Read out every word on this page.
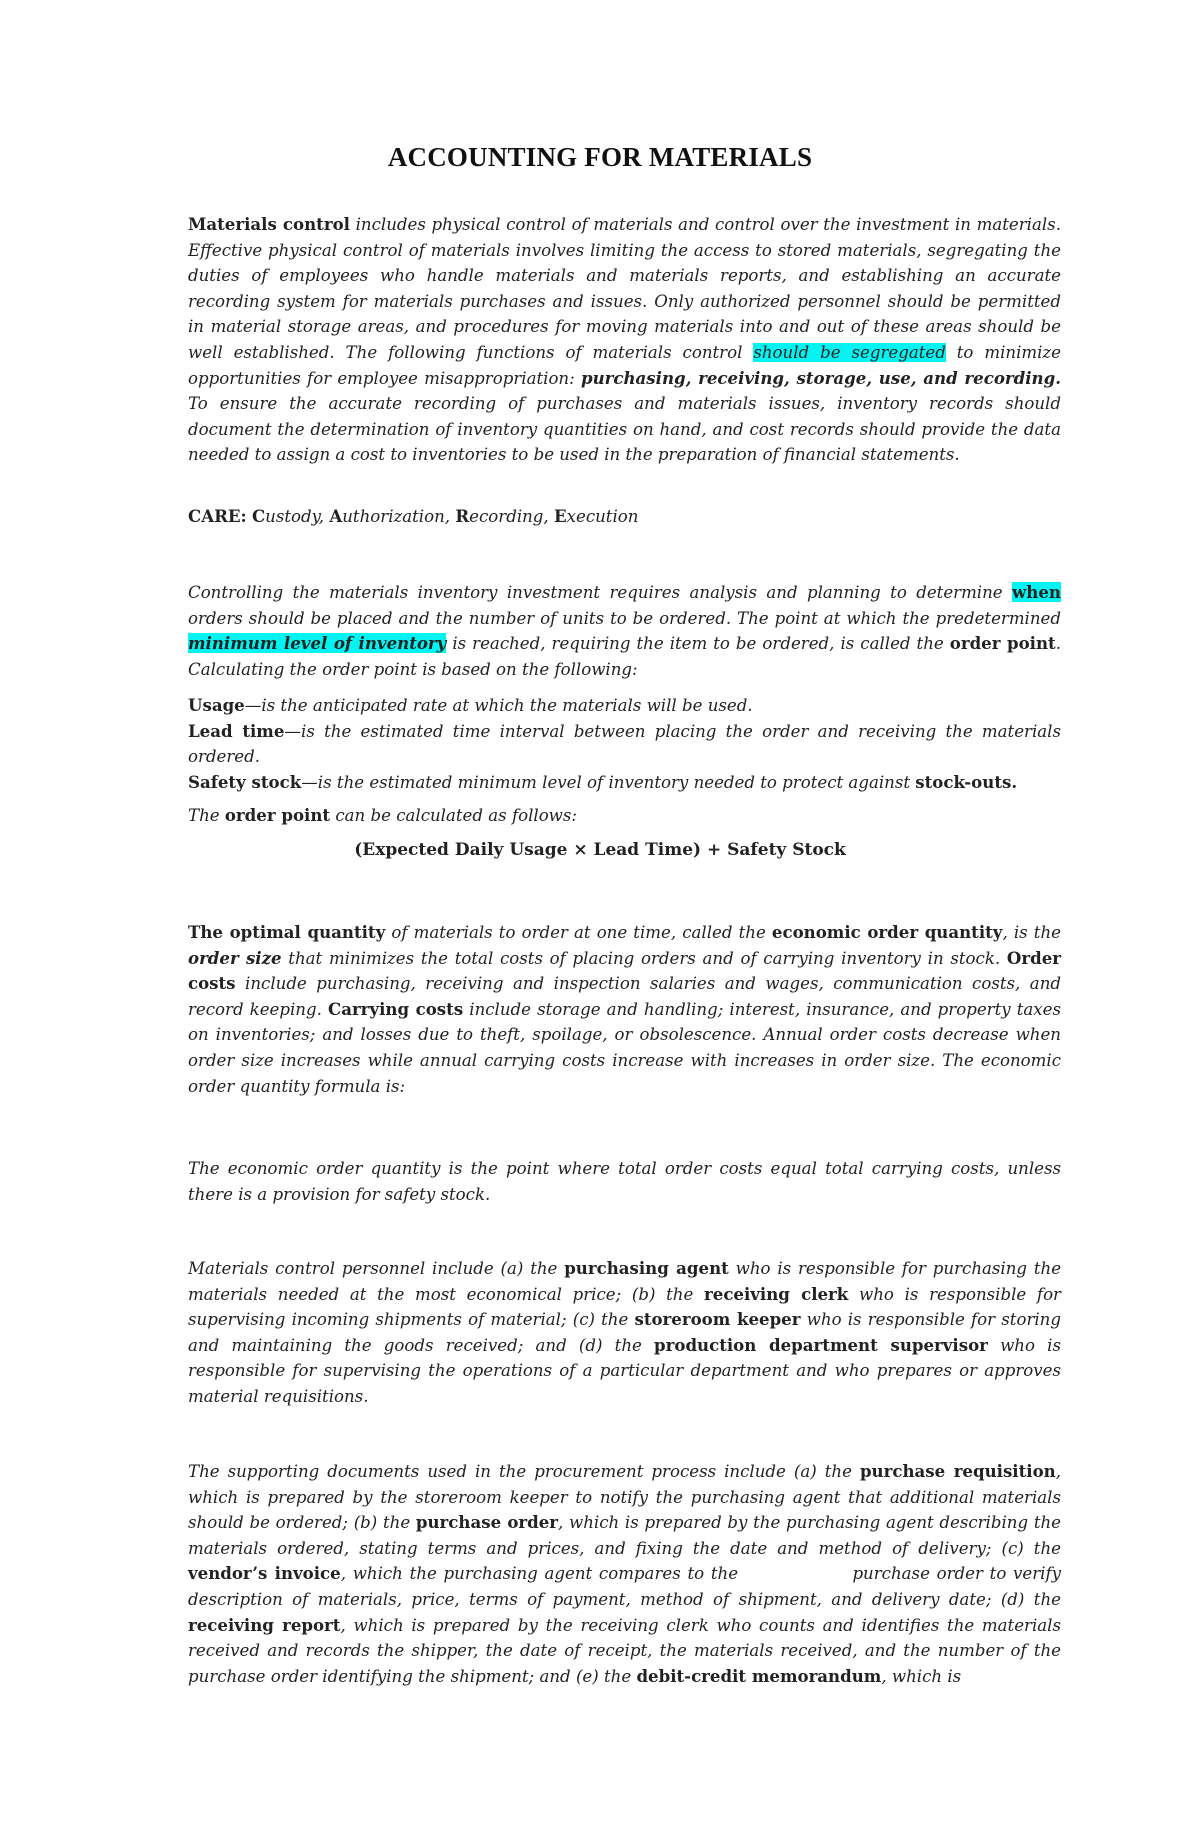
ACCOUNTING FOR MATERIALS

Materials control includes physical control of materials and control over the investment in materials. Effective physical control of materials involves limiting the access to stored materials, segregating the duties of employees who handle materials and materials reports, and establishing an accurate recording system for materials purchases and issues. Only authorized personnel should be permitted in material storage areas, and procedures for moving materials into and out of these areas should be well established. The following functions of materials control should be segregated to minimize opportunities for employee misappropriation: purchasing, receiving, storage, use, and recording. To ensure the accurate recording of purchases and materials issues, inventory records should document the determination of inventory quantities on hand, and cost records should provide the data needed to assign a cost to inventories to be used in the preparation of financial statements.

CARE: Custody, Authorization, Recording, Execution

Controlling the materials inventory investment requires analysis and planning to determine when orders should be placed and the number of units to be ordered. The point at which the predetermined minimum level of inventory is reached, requiring the item to be ordered, is called the order point. Calculating the order point is based on the following:

Usage—is the anticipated rate at which the materials will be used.

Lead time—is the estimated time interval between placing the order and receiving the materials ordered.

Safety stock—is the estimated minimum level of inventory needed to protect against stock-outs.

The order point can be calculated as follows:

(Expected Daily Usage × Lead Time) + Safety Stock

The optimal quantity of materials to order at one time, called the economic order quantity, is the order size that minimizes the total costs of placing orders and of carrying inventory in stock. Order costs include purchasing, receiving and inspection salaries and wages, communication costs, and record keeping. Carrying costs include storage and handling; interest, insurance, and property taxes on inventories; and losses due to theft, spoilage, or obsolescence. Annual order costs decrease when order size increases while annual carrying costs increase with increases in order size. The economic order quantity formula is:

The economic order quantity is the point where total order costs equal total carrying costs, unless there is a provision for safety stock.

Materials control personnel include (a) the purchasing agent who is responsible for purchasing the materials needed at the most economical price; (b) the receiving clerk who is responsible for supervising incoming shipments of material; (c) the storeroom keeper who is responsible for storing and maintaining the goods received; and (d) the production department supervisor who is responsible for supervising the operations of a particular department and who prepares or approves material requisitions.

The supporting documents used in the procurement process include (a) the purchase requisition, which is prepared by the storeroom keeper to notify the purchasing agent that additional materials should be ordered; (b) the purchase order, which is prepared by the purchasing agent describing the materials ordered, stating terms and prices, and fixing the date and method of delivery; (c) the vendor’s invoice, which the purchasing agent compares to the                 purchase order to verify description of materials, price, terms of payment, method of shipment, and delivery date; (d) the receiving report, which is prepared by the receiving clerk who counts and identifies the materials received and records the shipper, the date of receipt, the materials received, and the number of the purchase order identifying the shipment; and (e) the debit-credit memorandum, which is
